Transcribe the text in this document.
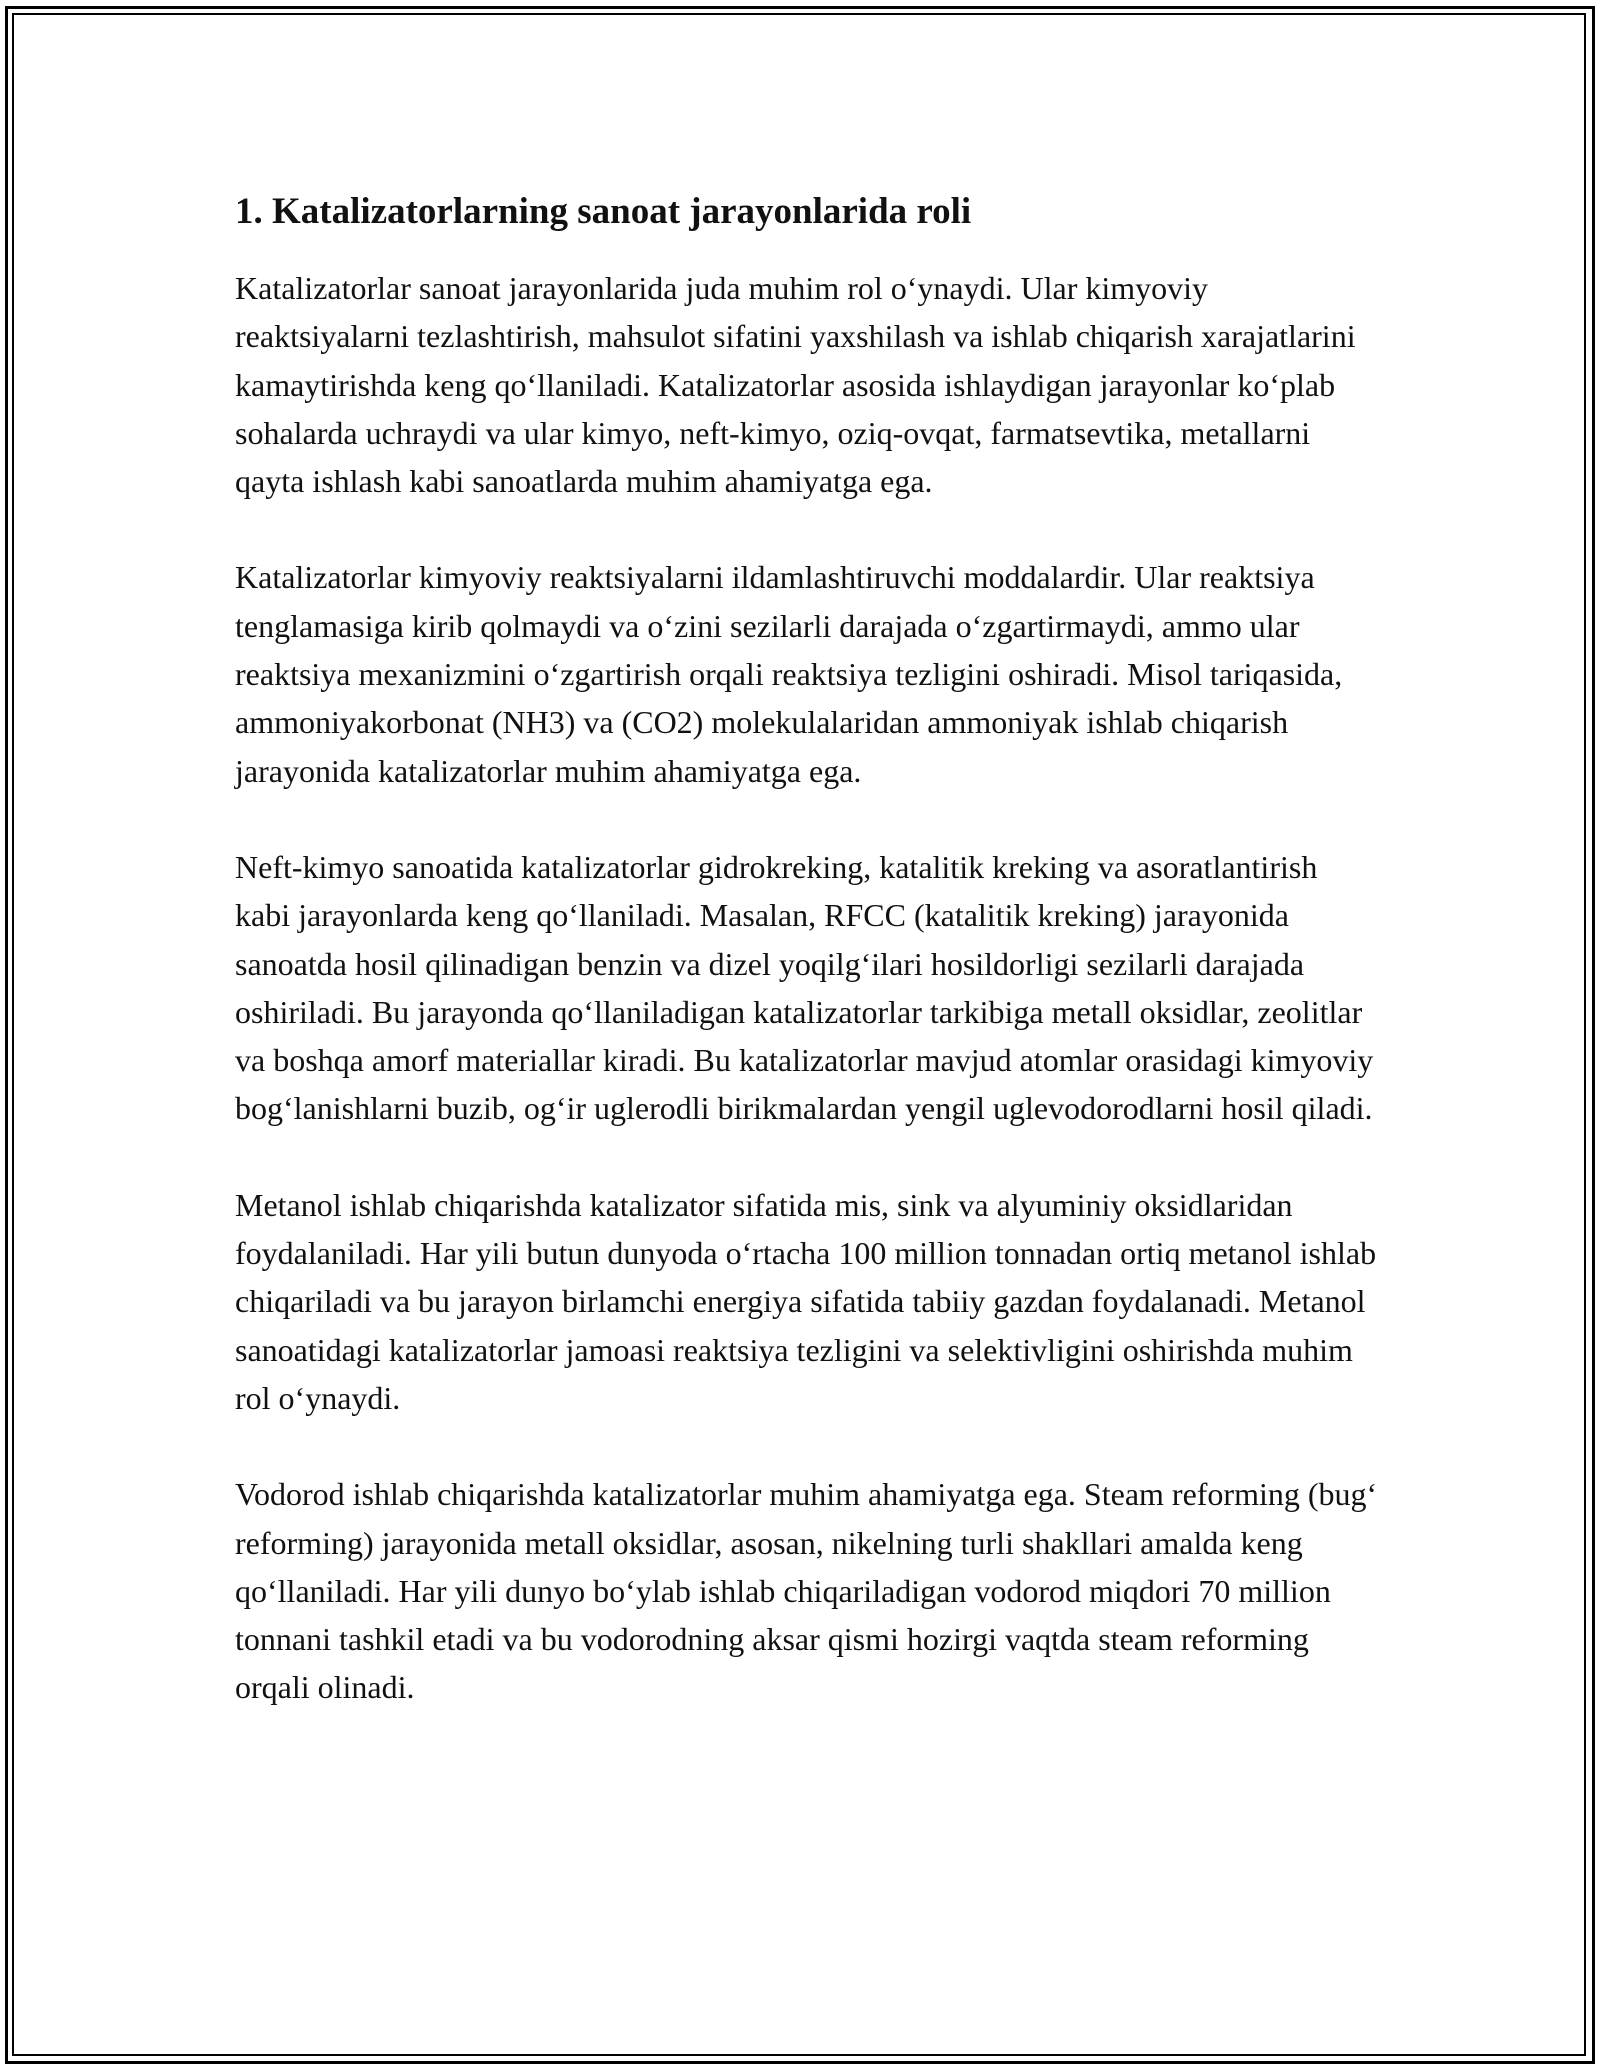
1. Katalizatorlarning sanoat jarayonlarida roli

Katalizatorlar sanoat jarayonlarida juda muhim rol o‘ynaydi. Ular kimyoviy reaktsiyalarni tezlashtirish, mahsulot sifatini yaxshilash va ishlab chiqarish xarajatlarini kamaytirishda keng qo‘llaniladi. Katalizatorlar asosida ishlaydigan jarayonlar ko‘plab sohalarda uchraydi va ular kimyo, neft-kimyo, oziq-ovqat, farmatsevtika, metallarni qayta ishlash kabi sanoatlarda muhim ahamiyatga ega.

Katalizatorlar kimyoviy reaktsiyalarni ildamlashtiruvchi moddalardir. Ular reaktsiya tenglamasiga kirib qolmaydi va o‘zini sezilarli darajada o‘zgartirmaydi, ammo ular reaktsiya mexanizmini o‘zgartirish orqali reaktsiya tezligini oshiradi. Misol tariqasida, ammoniyakorbonat (NH3) va (CO2) molekulalaridan ammoniyak ishlab chiqarish jarayonida katalizatorlar muhim ahamiyatga ega.

Neft-kimyo sanoatida katalizatorlar gidrokreking, katalitik kreking va asoratlantirish kabi jarayonlarda keng qo‘llaniladi. Masalan, RFCC (katalitik kreking) jarayonida sanoatda hosil qilinadigan benzin va dizel yoqilg‘ilari hosildorligi sezilarli darajada oshiriladi. Bu jarayonda qo‘llaniladigan katalizatorlar tarkibiga metall oksidlar, zeolitlar va boshqa amorf materiallar kiradi. Bu katalizatorlar mavjud atomlar orasidagi kimyoviy bog‘lanishlarni buzib, og‘ir uglerodli birikmalardan yengil uglevodorodlarni hosil qiladi.

Metanol ishlab chiqarishda katalizator sifatida mis, sink va alyuminiy oksidlaridan foydalaniladi. Har yili butun dunyoda o‘rtacha 100 million tonnadan ortiq metanol ishlab chiqariladi va bu jarayon birlamchi energiya sifatida tabiiy gazdan foydalanadi. Metanol sanoatidagi katalizatorlar jamoasi reaktsiya tezligini va selektivligini oshirishda muhim rol o‘ynaydi.

Vodorod ishlab chiqarishda katalizatorlar muhim ahamiyatga ega. Steam reforming (bug‘ reforming) jarayonida metall oksidlar, asosan, nikelning turli shakllari amalda keng qo‘llaniladi. Har yili dunyo bo‘ylab ishlab chiqariladigan vodorod miqdori 70 million tonnani tashkil etadi va bu vodorodning aksar qismi hozirgi vaqtda steam reforming orqali olinadi.
